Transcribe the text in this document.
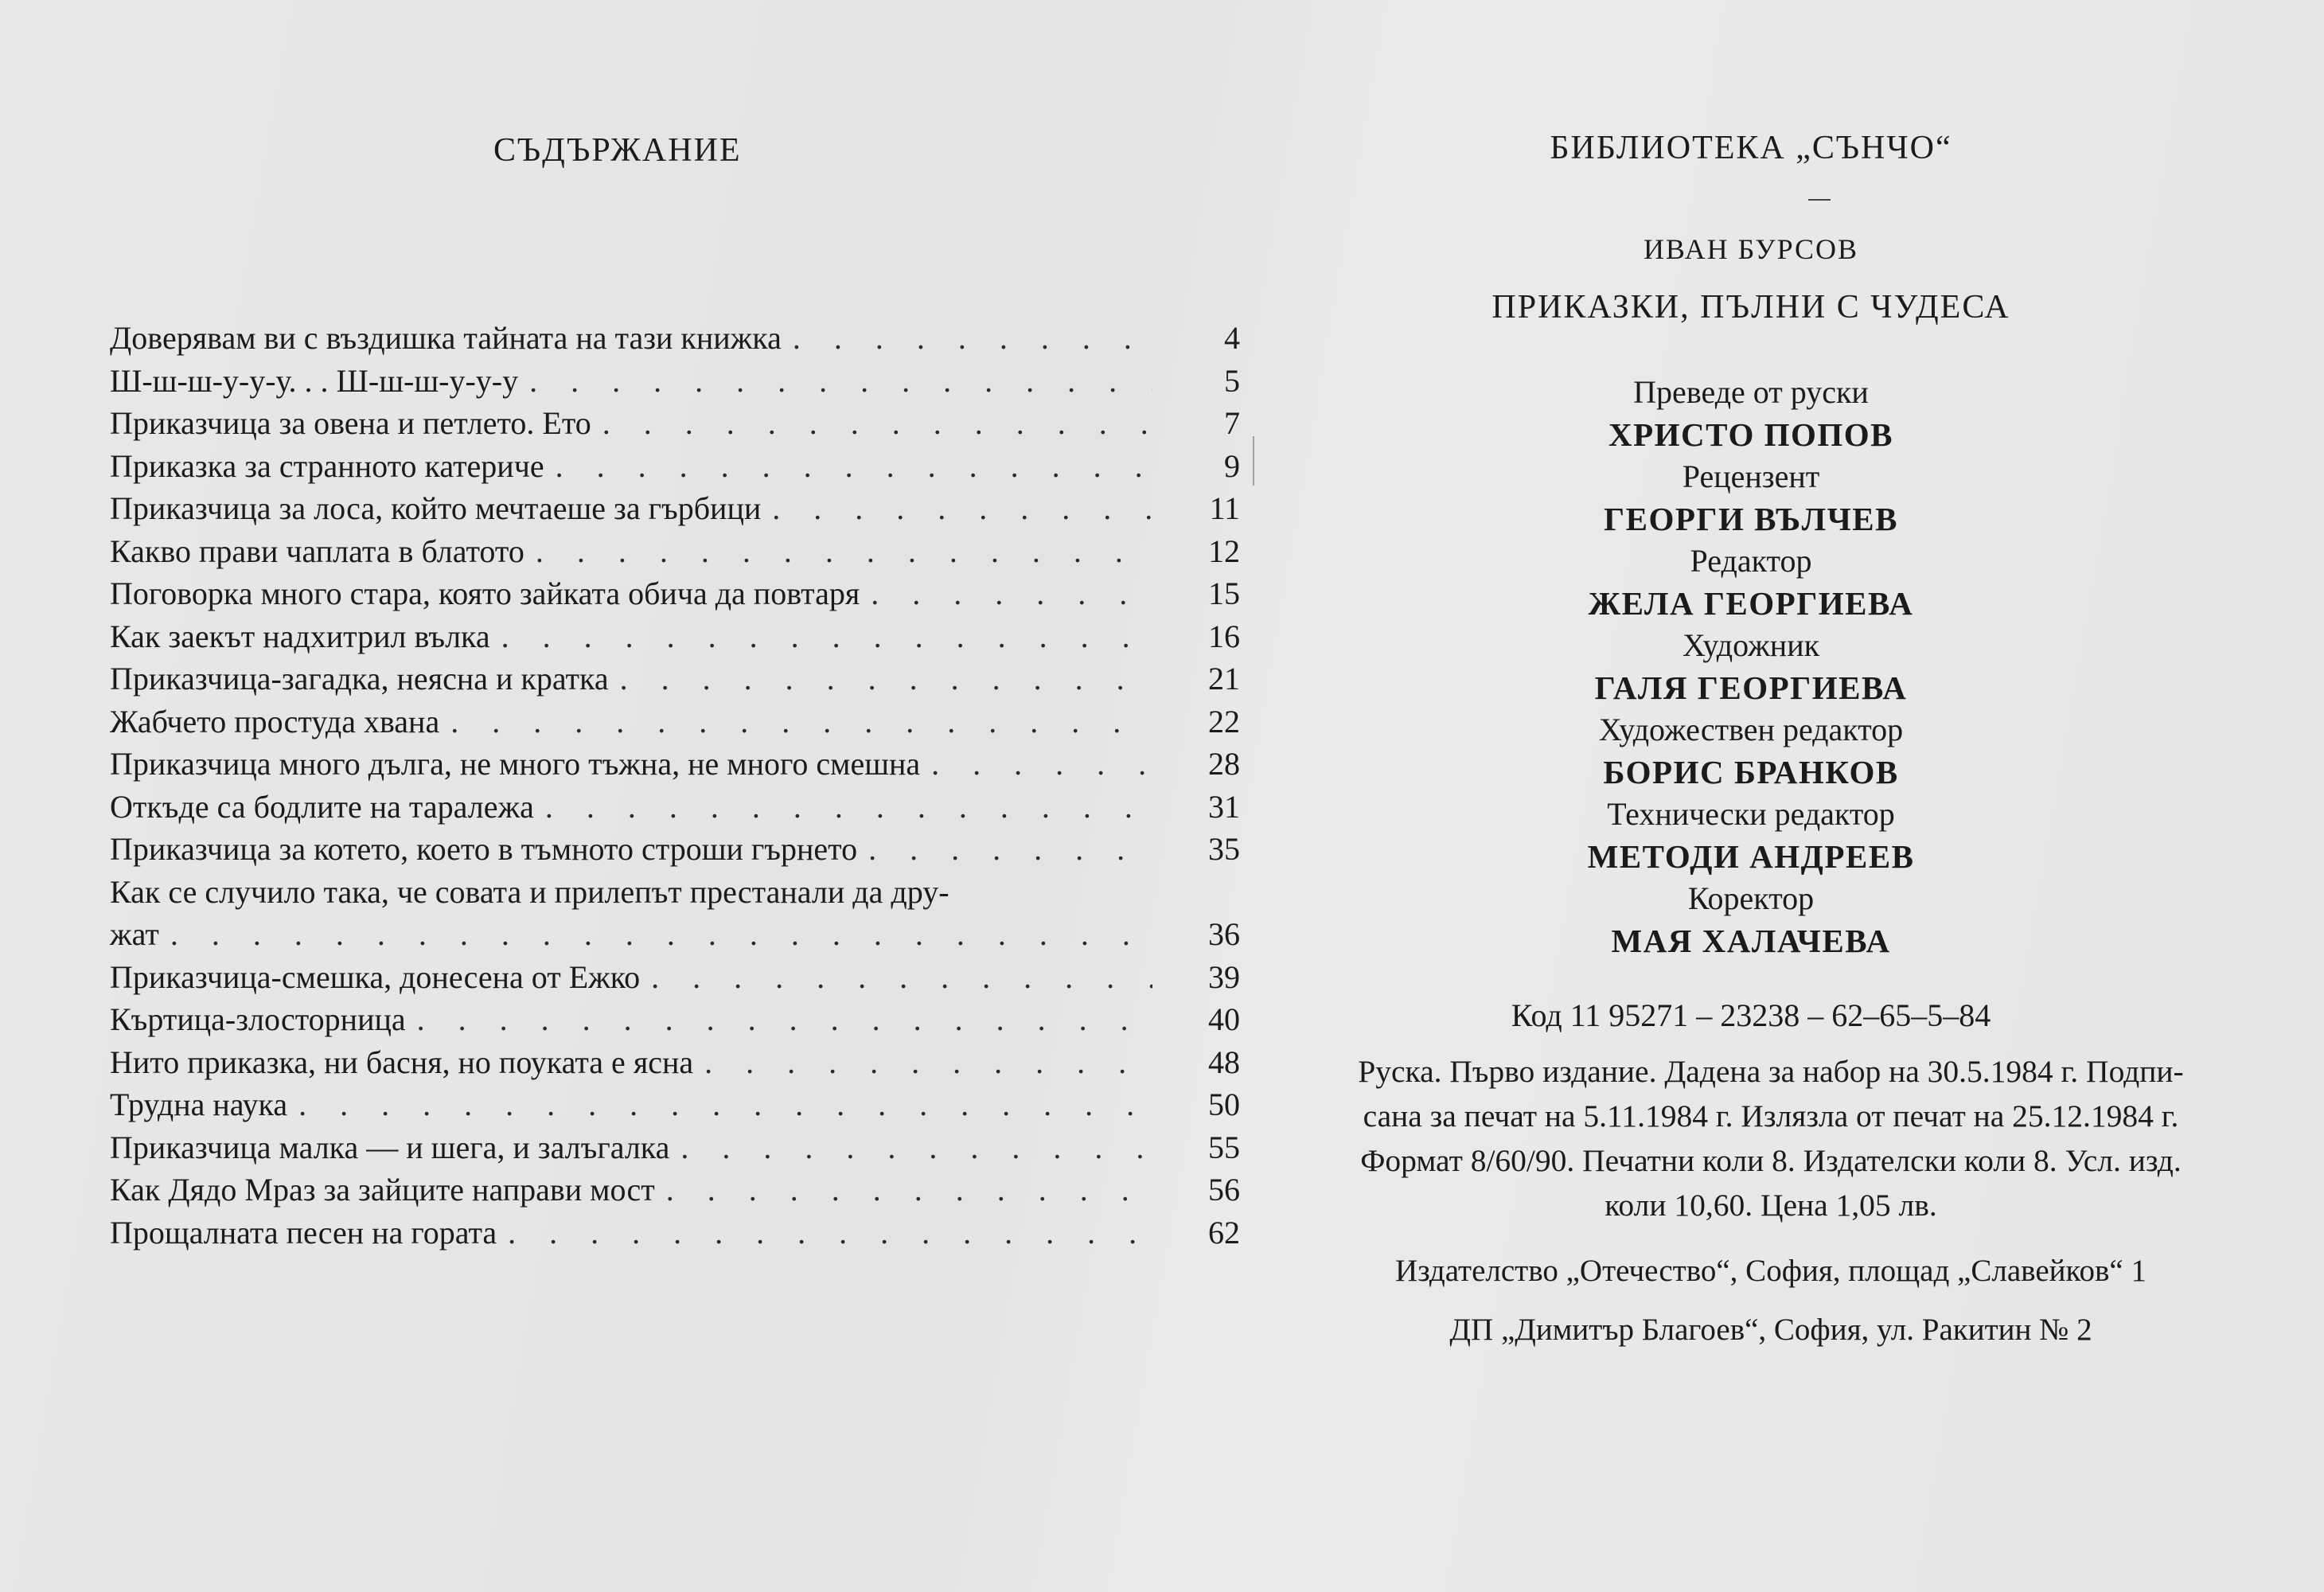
СЪДЪРЖАНИЕ
Доверявам ви с въздишка тайната на тази книжка . . .	4
Ш-ш-ш-у-у-у. . . Ш-ш-ш-у-у-у . . .	5
Приказчица за овена и петлето. Ето . . .	7
Приказка за странното катериче . . .	9
Приказчица за лоса, който мечтаеше за гърбици . . .	11
Какво прави чаплата в блатото . . .	12
Поговорка много стара, която зайката обича да повтаря . . .	15
Как заекът надхитрил вълка . . .	16
Приказчица-загадка, неясна и кратка . . .	21
Жабчето простуда хвана . . .	22
Приказчица много дълга, не много тъжна, не много смешна . . .	28
Откъде са бодлите на таралежа . . .	31
Приказчица за котето, което в тъмното строши гърнето . . .	35
Как се случило така, че совата и прилепът престанали да дру-
жат . . .	36
Приказчица-смешка, донесена от Ежко . . .	39
Къртица-злосторница . . .	40
Нито приказка, ни басня, но поуката е ясна . . .	48
Трудна наука . . .	50
Приказчица малка — и шега, и залъгалка . . .	55
Как Дядо Мраз за зайците направи мост . . .	56
Прощалната песен на гората . . .	62
БИБЛИОТЕКА „СЪНЧО“
ИВАН БУРСОВ
ПРИКАЗКИ, ПЪЛНИ С ЧУДЕСА
Преведе от руски
ХРИСТО ПОПОВ
Рецензент
ГЕОРГИ ВЪЛЧЕВ
Редактор
ЖЕЛА ГЕОРГИЕВА
Художник
ГАЛЯ ГЕОРГИЕВА
Художествен редактор
БОРИС БРАНКОВ
Технически редактор
МЕТОДИ АНДРЕЕВ
Коректор
МАЯ ХАЛАЧЕВА
Код 11 95271 – 23238 – 62–65–5–84
Руска. Първо издание. Дадена за набор на 30.5.1984 г. Подпи-
сана за печат на 5.11.1984 г. Излязла от печат на 25.12.1984 г.
Формат 8/60/90. Печатни коли 8. Издателски коли 8. Усл. изд.
коли 10,60. Цена 1,05 лв.
Издателство „Отечество“, София, площад „Славейков“ 1
ДП „Димитър Благоев“, София, ул. Ракитин № 2
